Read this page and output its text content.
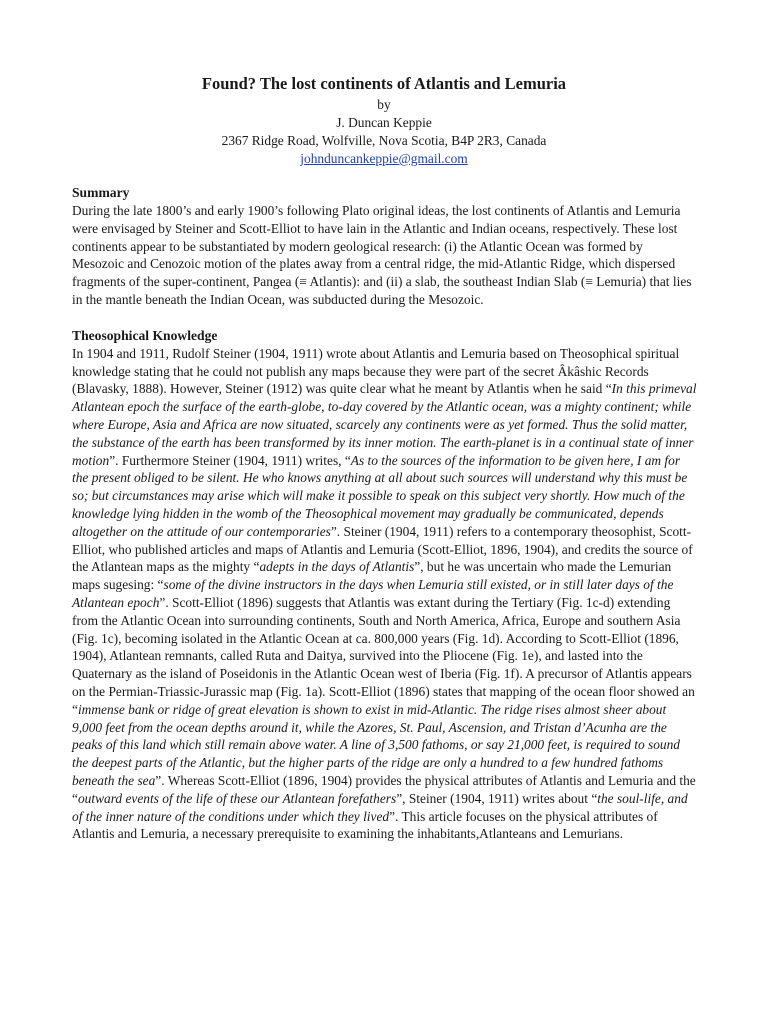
Found? The lost continents of Atlantis and Lemuria

by

J. Duncan Keppie

2367 Ridge Road, Wolfville, Nova Scotia, B4P 2R3, Canada

johnduncankeppie@gmail.com

Summary

During the late 1800’s and early 1900’s following Plato original ideas, the lost continents of Atlantis and Lemuria were envisaged by Steiner and Scott-Elliot to have lain in the Atlantic and Indian oceans, respectively. These lost continents appear to be substantiated by modern geological research: (i) the Atlantic Ocean was formed by Mesozoic and Cenozoic motion of the plates away from a central ridge, the mid-Atlantic Ridge, which dispersed fragments of the super-continent, Pangea (≡ Atlantis): and (ii) a slab, the southeast Indian Slab (≡ Lemuria) that lies in the mantle beneath the Indian Ocean, was subducted during the Mesozoic.

Theosophical Knowledge

In 1904 and 1911, Rudolf Steiner (1904, 1911) wrote about Atlantis and Lemuria based on Theosophical spiritual knowledge stating that he could not publish any maps because they were part of the secret Âkâshic Records (Blavasky, 1888). However, Steiner (1912) was quite clear what he meant by Atlantis when he said “In this primeval Atlantean epoch the surface of the earth-globe, to-day covered by the Atlantic ocean, was a mighty continent; while where Europe, Asia and Africa are now situated, scarcely any continents were as yet formed. Thus the solid matter, the substance of the earth has been transformed by its inner motion. The earth-planet is in a continual state of inner motion”. Furthermore Steiner (1904, 1911) writes, “As to the sources of the information to be given here, I am for the present obliged to be silent. He who knows anything at all about such sources will understand why this must be so; but circumstances may arise which will make it possible to speak on this subject very shortly. How much of the knowledge lying hidden in the womb of the Theosophical movement may gradually be communicated, depends altogether on the attitude of our contemporaries”. Steiner (1904, 1911) refers to a contemporary theosophist, Scott-Elliot, who published articles and maps of Atlantis and Lemuria (Scott-Elliot, 1896, 1904), and credits the source of the Atlantean maps as the mighty “adepts in the days of Atlantis”, but he was uncertain who made the Lemurian maps sugesing: “some of the divine instructors in the days when Lemuria still existed, or in still later days of the Atlantean epoch”. Scott-Elliot (1896) suggests that Atlantis was extant during the Tertiary (Fig. 1c-d) extending from the Atlantic Ocean into surrounding continents, South and North America, Africa, Europe and southern Asia (Fig. 1c), becoming isolated in the Atlantic Ocean at ca. 800,000 years (Fig. 1d). According to Scott-Elliot (1896, 1904), Atlantean remnants, called Ruta and Daitya, survived into the Pliocene (Fig. 1e), and lasted into the Quaternary as the island of Poseidonis in the Atlantic Ocean west of Iberia (Fig. 1f). A precursor of Atlantis appears on the Permian-Triassic-Jurassic map (Fig. 1a). Scott-Elliot (1896) states that mapping of the ocean floor showed an “immense bank or ridge of great elevation is shown to exist in mid-Atlantic. The ridge rises almost sheer about 9,000 feet from the ocean depths around it, while the Azores, St. Paul, Ascension, and Tristan d’Acunha are the peaks of this land which still remain above water. A line of 3,500 fathoms, or say 21,000 feet, is required to sound the deepest parts of the Atlantic, but the higher parts of the ridge are only a hundred to a few hundred fathoms beneath the sea”. Whereas Scott-Elliot (1896, 1904) provides the physical attributes of Atlantis and Lemuria and the “outward events of the life of these our Atlantean forefathers”, Steiner (1904, 1911) writes about “the soul-life, and of the inner nature of the conditions under which they lived”. This article focuses on the physical attributes of Atlantis and Lemuria, a necessary prerequisite to examining the inhabitants,Atlanteans and Lemurians.
